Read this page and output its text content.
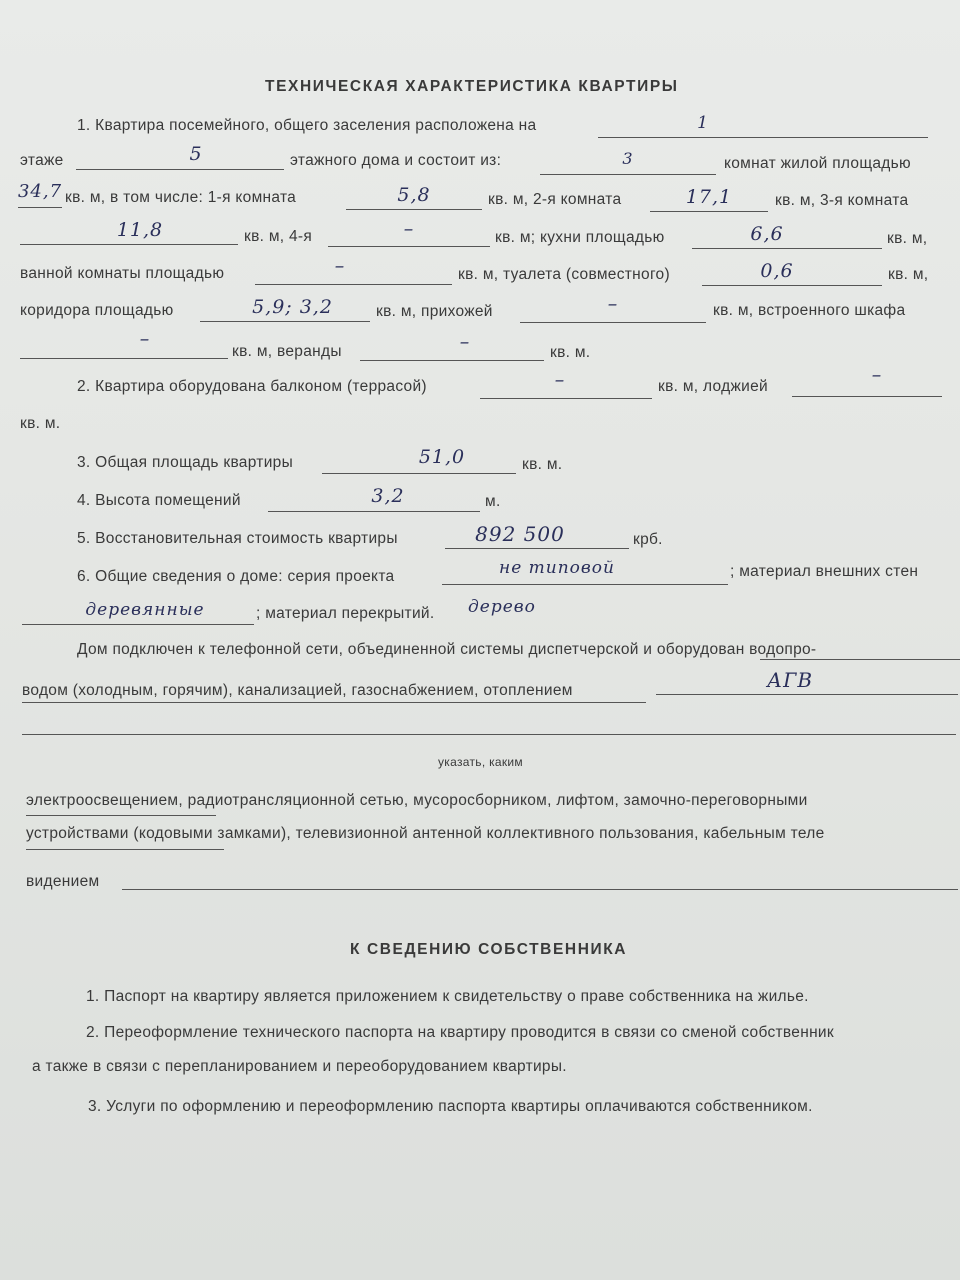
ТЕХНИЧЕСКАЯ ХАРАКТЕРИСТИКА КВАРТИРЫ
1. Квартира посемейного, общего заселения расположена на	1
этаже	5	этажного дома и состоит из:	3	комнат жилой площадью
34,7 кв. м, в том числе: 1-я комната	5,8	кв. м, 2-я комната	17,1	кв. м, 3-я комната
11,8	кв. м, 4-я	–	кв. м; кухни площадью	6,6	кв. м,
ванной комнаты площадью	–	кв. м, туалета (совместного)	0,6	кв. м,
коридора площадью	5,9; 3,2	кв. м, прихожей	–	кв. м, встроенного шкафа
–
кв. м, веранды	–	кв. м.
2. Квартира оборудована балконом (террасой)	–	кв. м, лоджией
–
кв. м.
3. Общая площадь квартиры	51,0	кв. м.
4. Высота помещений	3,2	м.
5. Восстановительная стоимость квартиры	892 500	крб.
6. Общие сведения о доме: серия проекта	не типовой	; материал внешних стен
деревянные	; материал перекрытий. дерево
Дом подключен к телефонной сети, объединенной системы диспетчерской и оборудован водопро-
водом (холодным, горячим), канализацией, газоснабжением, отоплением	АГВ
указать, каким
электроосвещением, радиотрансляционной сетью, мусоросборником, лифтом, замочно-переговорными
устройствами (кодовыми замками), телевизионной антенной коллективного пользования, кабельным теле
видением
К СВЕДЕНИЮ СОБСТВЕННИКА
1. Паспорт на квартиру является приложением к свидетельству о праве собственника на жилье.
2. Переоформление технического паспорта на квартиру проводится в связи со сменой собственник
а также в связи с перепланированием и переоборудованием квартиры.
3. Услуги по оформлению и переоформлению паспорта квартиры оплачиваются собственником.
